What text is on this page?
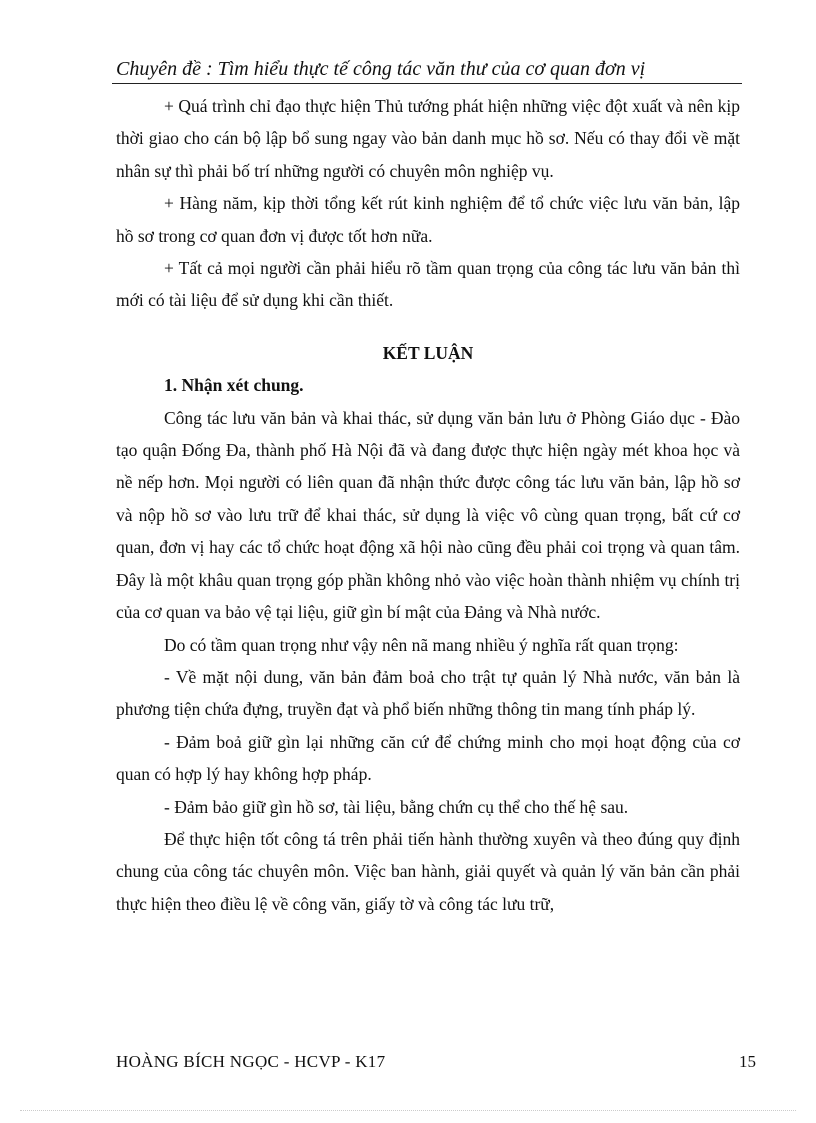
Chuyên đề : Tìm hiểu thực tế công tác văn thư của cơ quan đơn vị

+ Quá trình chỉ đạo thực hiện Thủ tướng phát hiện những việc đột xuất và nên kịp thời giao cho cán bộ lập bổ sung ngay vào bản danh mục hồ sơ. Nếu có thay đổi về mặt nhân sự thì phải bố trí những người có chuyên môn nghiệp vụ.

+ Hàng năm, kịp thời tổng kết rút kinh nghiệm để tổ chức việc lưu văn bản, lập hồ sơ trong cơ quan đơn vị được tốt hơn nữa.

+ Tất cả mọi người cần phải hiểu rõ tầm quan trọng của công tác lưu văn bản thì mới có tài liệu để sử dụng khi cần thiết.

KẾT LUẬN

1. Nhận xét chung.

Công tác lưu văn bản và khai thác, sử dụng văn bản lưu ở Phòng Giáo dục - Đào tạo quận Đống Đa, thành phố Hà Nội đã và đang được thực hiện ngày mét khoa học và nề nếp hơn. Mọi người có liên quan đã nhận thức được công tác lưu văn bản, lập hồ sơ và nộp hồ sơ vào lưu trữ để khai thác, sử dụng là việc vô cùng quan trọng, bất cứ cơ quan, đơn vị hay các tổ chức hoạt động xã hội nào cũng đều phải coi trọng và quan tâm. Đây là một khâu quan trọng góp phần không nhỏ vào việc hoàn thành nhiệm vụ chính trị của cơ quan va bảo vệ tại liệu, giữ gìn bí mật của Đảng và Nhà nước.

Do có tầm quan trọng như vậy nên nã mang nhiều ý nghĩa rất quan trọng:

- Về mặt nội dung, văn bản đảm boả cho trật tự quản lý Nhà nước, văn bản là phương tiện chứa đựng, truyền đạt và phổ biến những thông tin mang tính pháp lý.

- Đảm boả giữ gìn lại những căn cứ để chứng minh cho mọi hoạt động của cơ quan có hợp lý hay không hợp pháp.

- Đảm bảo giữ gìn hồ sơ, tài liệu, bằng chứn cụ thể cho thế hệ sau.

Để thực hiện tốt công tá trên phải tiến hành thường xuyên và theo đúng quy định chung của công tác chuyên môn. Việc ban hành, giải quyết và quản lý văn bản cần phải thực hiện theo điều lệ về công văn, giấy tờ và công tác lưu trữ,

HOÀNG BÍCH NGỌC - HCVP - K17	15
